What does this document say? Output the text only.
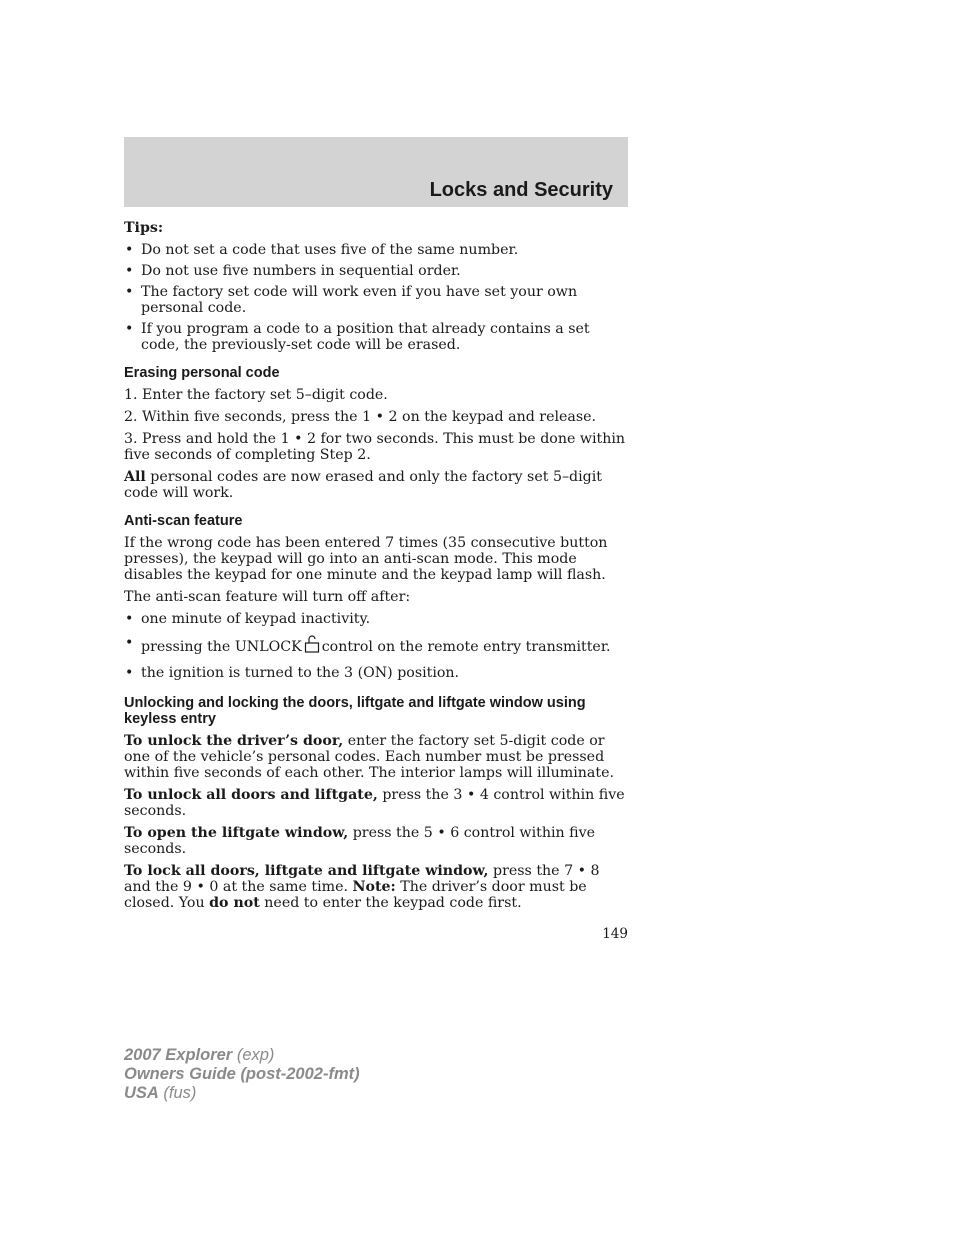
Locks and Security

Tips:

• Do not set a code that uses five of the same number.
• Do not use five numbers in sequential order.
• The factory set code will work even if you have set your own personal code.
• If you program a code to a position that already contains a set code, the previously-set code will be erased.
Erasing personal code

1. Enter the factory set 5–digit code.

2. Within five seconds, press the 1 • 2 on the keypad and release.

3. Press and hold the 1 • 2 for two seconds. This must be done within five seconds of completing Step 2.

All personal codes are now erased and only the factory set 5–digit code will work.

Anti-scan feature

If the wrong code has been entered 7 times (35 consecutive button presses), the keypad will go into an anti-scan mode. This mode disables the keypad for one minute and the keypad lamp will flash.

The anti-scan feature will turn off after:

• one minute of keypad inactivity.
• pressing the UNLOCK control on the remote entry transmitter.
• the ignition is turned to the 3 (ON) position.
Unlocking and locking the doors, liftgate and liftgate window using keyless entry

To unlock the driver’s door, enter the factory set 5-digit code or one of the vehicle’s personal codes. Each number must be pressed within five seconds of each other. The interior lamps will illuminate.

To unlock all doors and liftgate, press the 3 • 4 control within five seconds.

To open the liftgate window, press the 5 • 6 control within five seconds.

To lock all doors, liftgate and liftgate window, press the 7 • 8 and the 9 • 0 at the same time. Note: The driver’s door must be closed. You do not need to enter the keypad code first.

149
2007 Explorer (exp)
Owners Guide (post-2002-fmt)
USA (fus)
